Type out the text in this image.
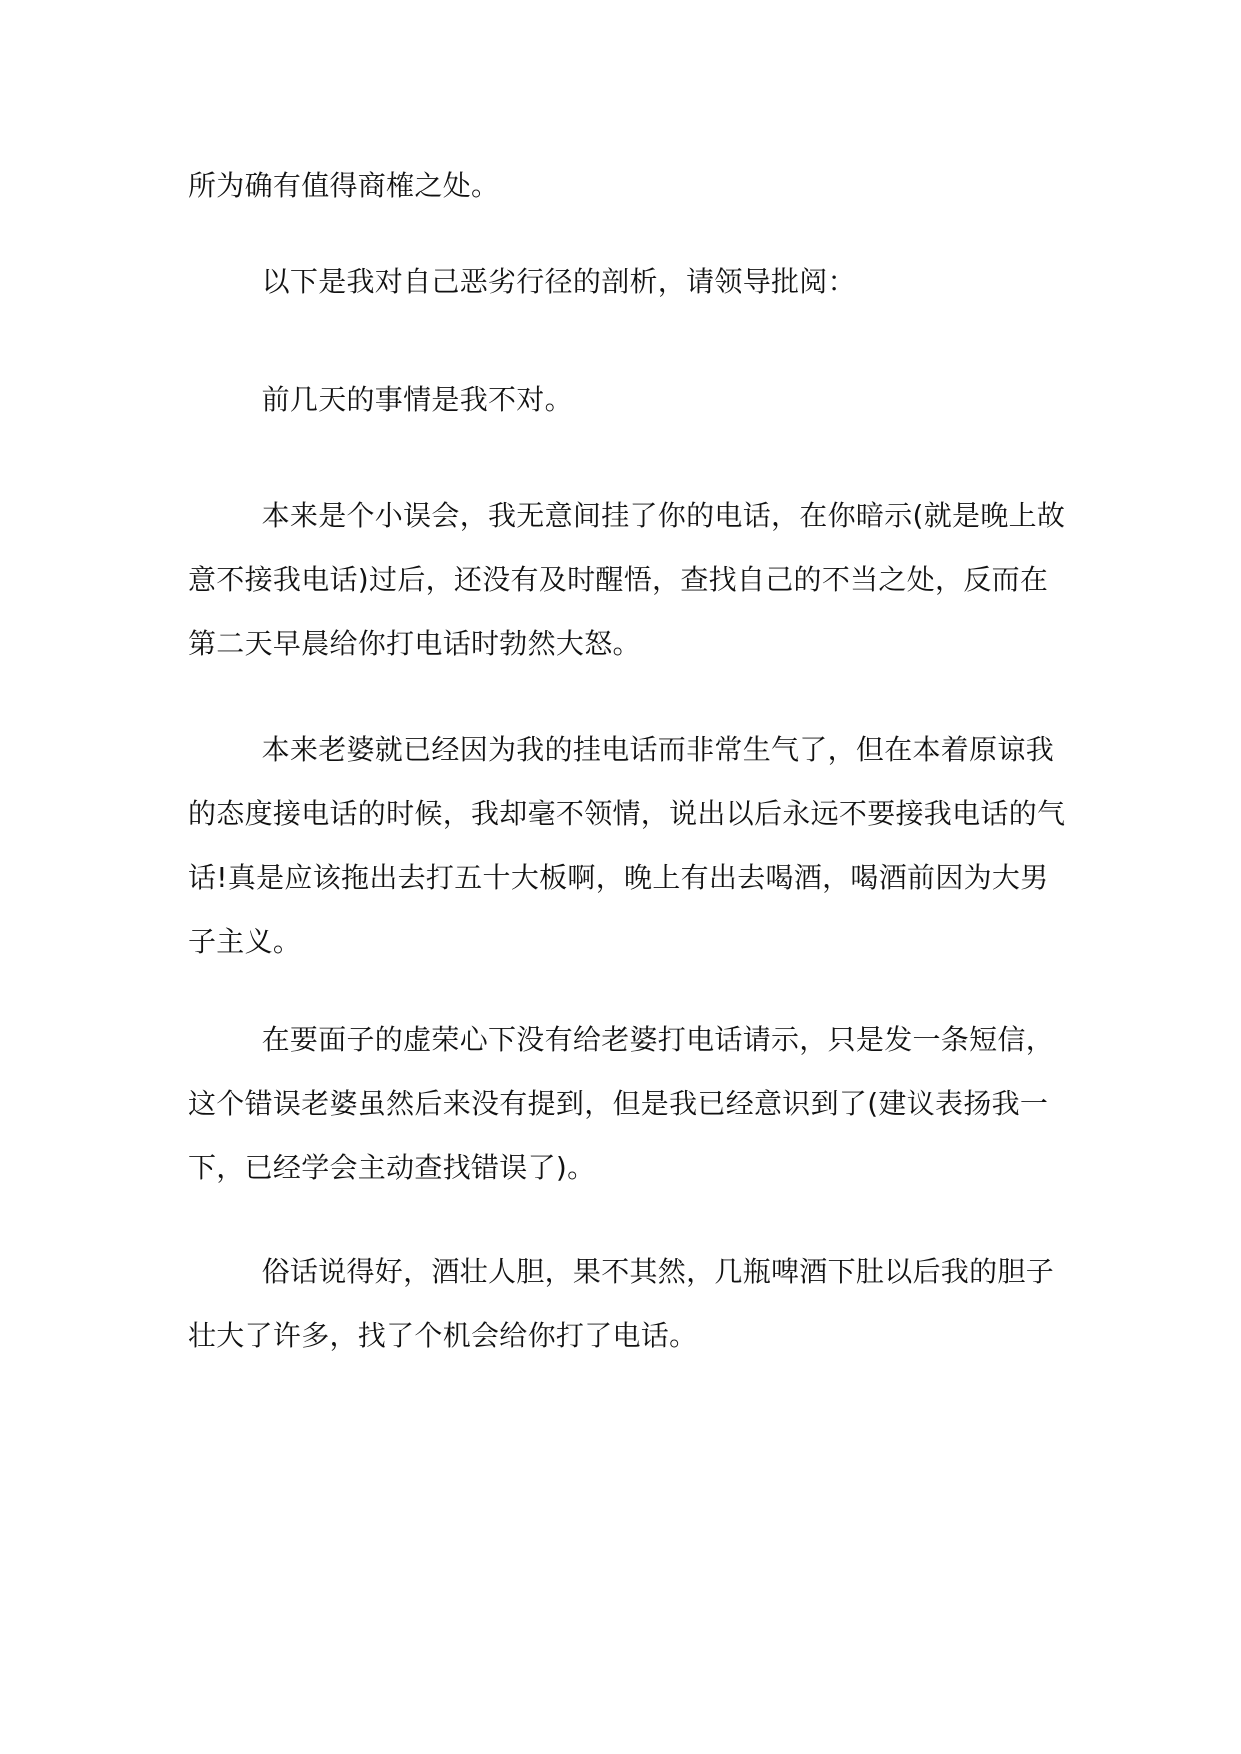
所为确有值得商榷之处。

以下是我对自己恶劣行径的剖析，请领导批阅：

前几天的事情是我不对。

本来是个小误会，我无意间挂了你的电话，在你暗示(就是晚上故意不接我电话)过后，还没有及时醒悟，查找自己的不当之处，反而在第二天早晨给你打电话时勃然大怒。

本来老婆就已经因为我的挂电话而非常生气了，但在本着原谅我的态度接电话的时候，我却毫不领情，说出以后永远不要接我电话的气话!真是应该拖出去打五十大板啊，晚上有出去喝酒，喝酒前因为大男子主义。

在要面子的虚荣心下没有给老婆打电话请示，只是发一条短信，这个错误老婆虽然后来没有提到，但是我已经意识到了(建议表扬我一下，已经学会主动查找错误了)。

俗话说得好，酒壮人胆，果不其然，几瓶啤酒下肚以后我的胆子壮大了许多，找了个机会给你打了电话。
